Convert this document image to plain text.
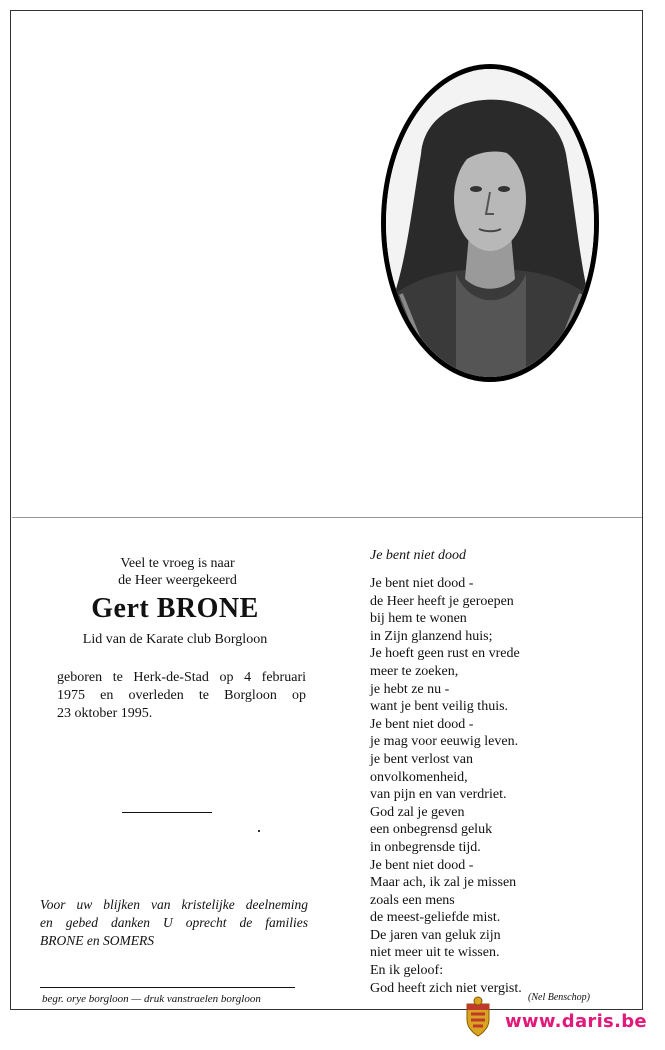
Veel te vroeg is naar
de Heer weergekeerd
Gert BRONE
Lid van de Karate club Borgloon
geboren te Herk-de-Stad op 4 februari
1975 en overleden te Borgloon op
23 oktober 1995.
Voor uw blijken van kristelijke deelneming
en gebed danken U oprecht de families
BRONE en SOMERS
begr. orye borgloon — druk vanstraelen borgloon
Je bent niet dood
Je bent niet dood -
de Heer heeft je geroepen
bij hem te wonen
in Zijn glanzend huis;
Je hoeft geen rust en vrede
meer te zoeken,
je hebt ze nu -
want je bent veilig thuis.
Je bent niet dood -
je mag voor eeuwig leven.
je bent verlost van
onvolkomenheid,
van pijn en van verdriet.
God zal je geven
een onbegrensd geluk
in onbegrensde tijd.
Je bent niet dood -
Maar ach, ik zal je missen
zoals een mens
de meest-geliefde mist.
De jaren van geluk zijn
niet meer uit te wissen.
En ik geloof:
God heeft zich niet vergist.
(Nel Benschop)
www.daris.be
